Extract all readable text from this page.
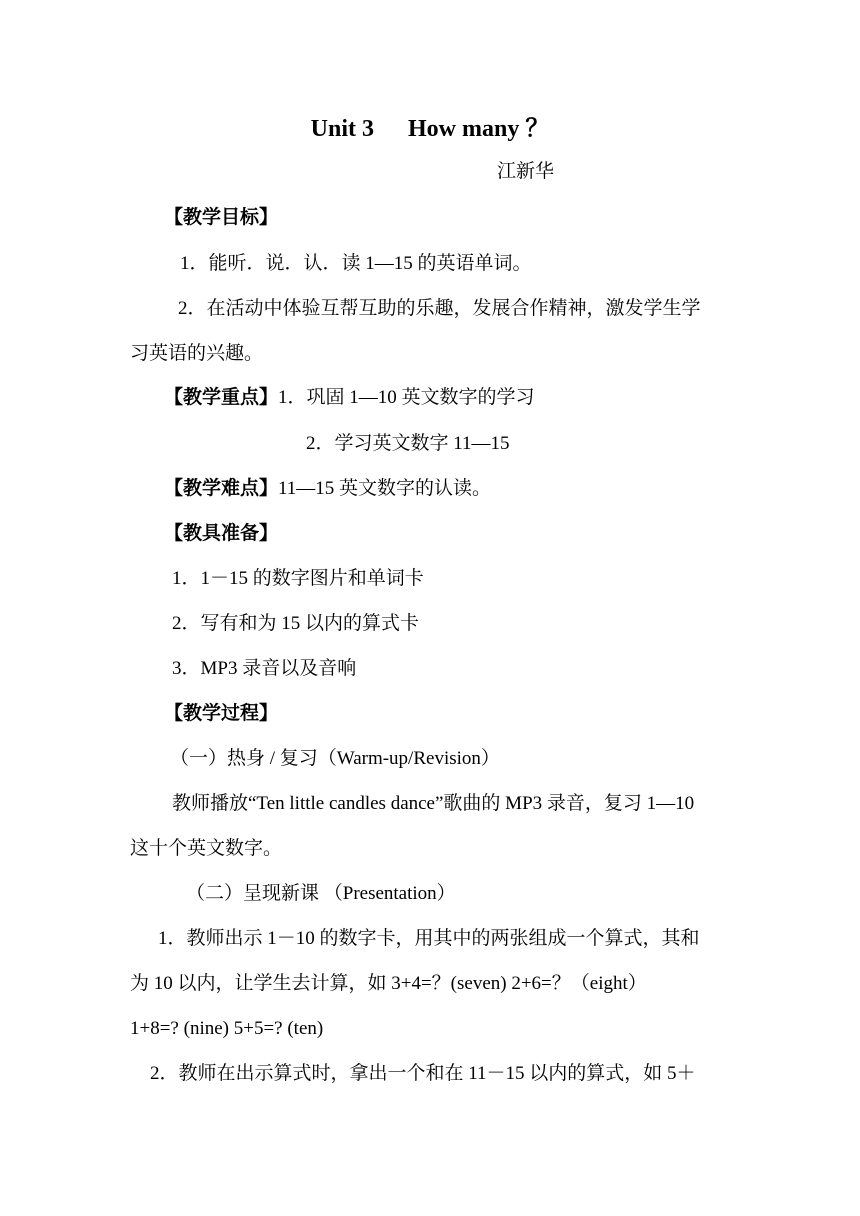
Unit 3 How many ？
江新华
【教学目标】
1．能听．说．认．读 1—15 的英语单词。
2．在活动中体验互帮互助的乐趣，发展合作精神，激发学生学
习英语的兴趣。
【教学重点】1．巩固 1—10 英文数字的学习
2．学习英文数字 11—15
【教学难点】11—15 英文数字的认读。
【教具准备】
1．1－15 的数字图片和单词卡
2．写有和为 15 以内的算式卡
3．MP3 录音以及音响
【教学过程】
（一）热身 / 复习（Warm-up/Revision）
教师播放“Ten little candles dance”歌曲的 MP3 录音，复习 1—10
这十个英文数字。
（二）呈现新课 （Presentation）
1．教师出示 1－10 的数字卡，用其中的两张组成一个算式，其和
为 10 以内，让学生去计算，如 3+4=？(seven) 2+6=？（eight）
1+8=? (nine) 5+5=? (ten)
2．教师在出示算式时，拿出一个和在 11－15 以内的算式，如 5＋
